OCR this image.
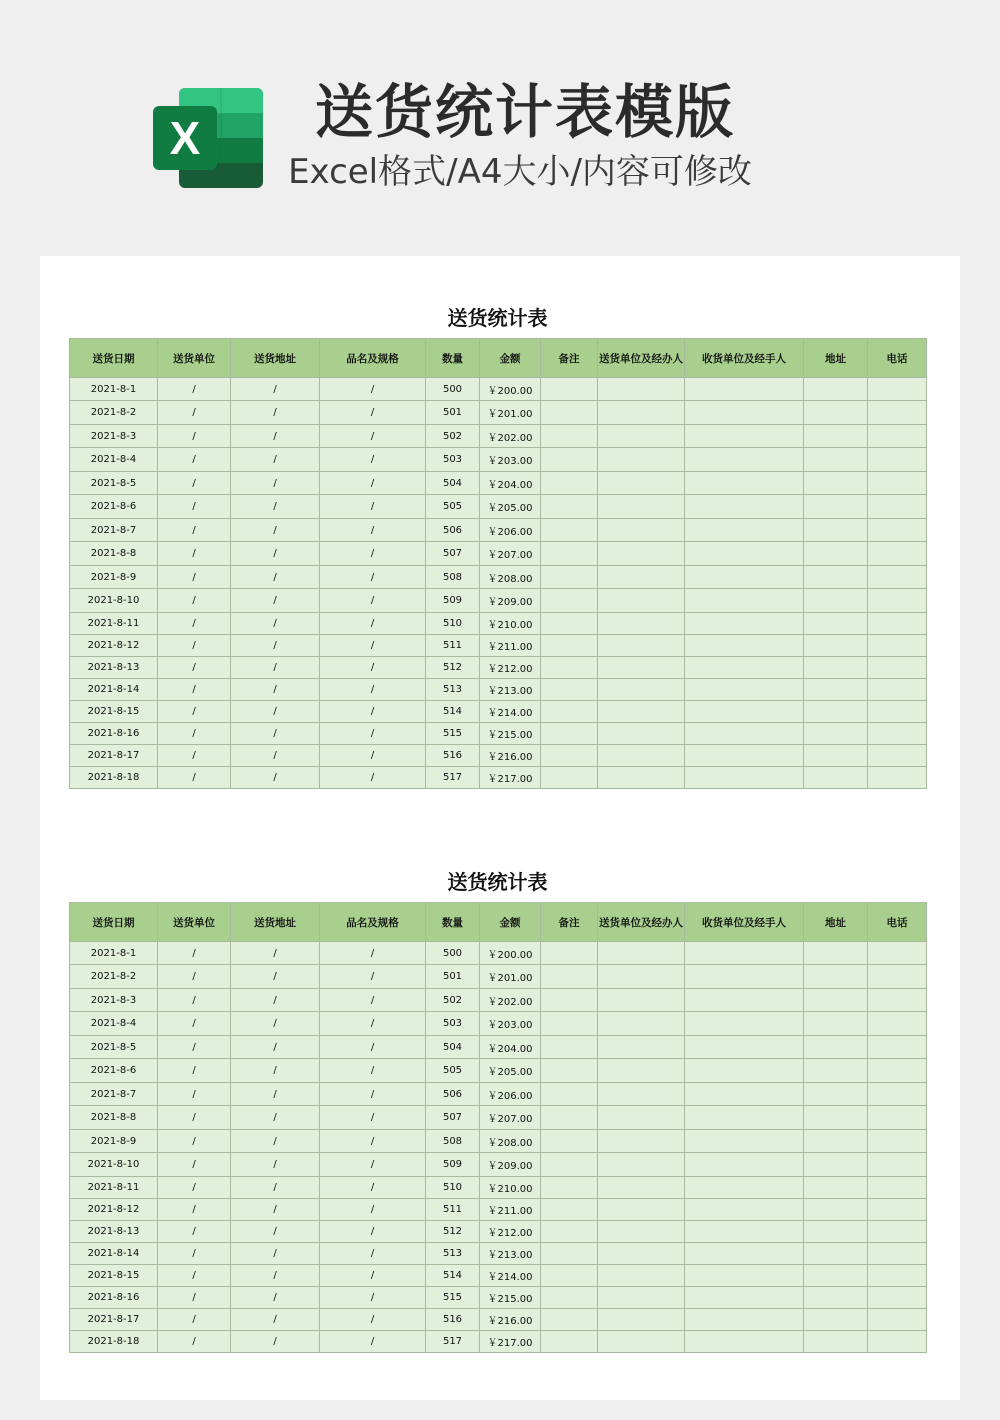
X 送货统计表模版
Excel格式/A4大小/内容可修改
送货统计表
送货日期	送货单位	送货地址	品名及规格	数量	金额	备注	送货单位及经办人	收货单位及经手人	地址	电话
2021-8-1	/	/	/	500	￥200.00					
2021-8-2	/	/	/	501	￥201.00					
2021-8-3	/	/	/	502	￥202.00					
2021-8-4	/	/	/	503	￥203.00					
2021-8-5	/	/	/	504	￥204.00					
2021-8-6	/	/	/	505	￥205.00					
2021-8-7	/	/	/	506	￥206.00					
2021-8-8	/	/	/	507	￥207.00					
2021-8-9	/	/	/	508	￥208.00					
2021-8-10	/	/	/	509	￥209.00					
2021-8-11	/	/	/	510	￥210.00					
2021-8-12	/	/	/	511	￥211.00					
2021-8-13	/	/	/	512	￥212.00					
2021-8-14	/	/	/	513	￥213.00					
2021-8-15	/	/	/	514	￥214.00					
2021-8-16	/	/	/	515	￥215.00					
2021-8-17	/	/	/	516	￥216.00					
2021-8-18	/	/	/	517	￥217.00					
送货统计表
送货日期	送货单位	送货地址	品名及规格	数量	金额	备注	送货单位及经办人	收货单位及经手人	地址	电话
2021-8-1	/	/	/	500	￥200.00					
2021-8-2	/	/	/	501	￥201.00					
2021-8-3	/	/	/	502	￥202.00					
2021-8-4	/	/	/	503	￥203.00					
2021-8-5	/	/	/	504	￥204.00					
2021-8-6	/	/	/	505	￥205.00					
2021-8-7	/	/	/	506	￥206.00					
2021-8-8	/	/	/	507	￥207.00					
2021-8-9	/	/	/	508	￥208.00					
2021-8-10	/	/	/	509	￥209.00					
2021-8-11	/	/	/	510	￥210.00					
2021-8-12	/	/	/	511	￥211.00					
2021-8-13	/	/	/	512	￥212.00					
2021-8-14	/	/	/	513	￥213.00					
2021-8-15	/	/	/	514	￥214.00					
2021-8-16	/	/	/	515	￥215.00					
2021-8-17	/	/	/	516	￥216.00					
2021-8-18	/	/	/	517	￥217.00					
